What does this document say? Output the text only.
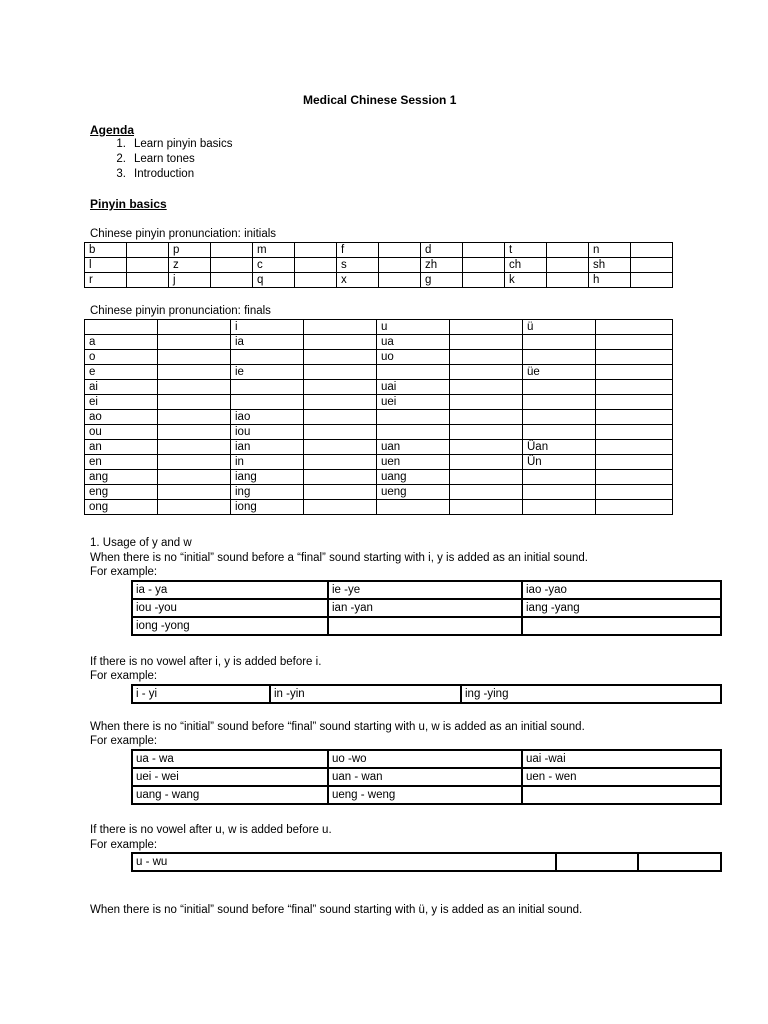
Medical Chinese Session 1
Agenda
1. Learn pinyin basics
2. Learn tones
3. Introduction
Pinyin basics
Chinese pinyin pronunciation: initials
b		p		m		f		d		t		n	
l		z		c		s		zh		ch		sh	
r		j		q		x		g		k		h	
Chinese pinyin pronunciation: finals
		i		u		ü	
a		ia		ua			
o				uo			
e		ie				üe	
ai				uai			
ei				uei			
ao		iao					
ou		iou					
an		ian		uan		Üan	
en		in		uen		Ün	
ang		iang		uang			
eng		ing		ueng			
ong		iong					
1. Usage of y and w
When there is no “initial” sound before a “final” sound starting with i, y is added as an initial sound.
For example:
ia - ya	ie -ye	iao -yao
iou -you	ian -yan	iang -yang
iong -yong		
If there is no vowel after i, y is added before i.
For example:
i - yi	in -yin	ing -ying
When there is no “initial” sound before “final” sound starting with u, w is added as an initial sound.
For example:
ua - wa	uo -wo	uai -wai
uei - wei	uan - wan	uen - wen
uang - wang	ueng - weng	
If there is no vowel after u, w is added before u.
For example:
u - wu		
When there is no “initial” sound before “final” sound starting with ü, y is added as an initial sound.
